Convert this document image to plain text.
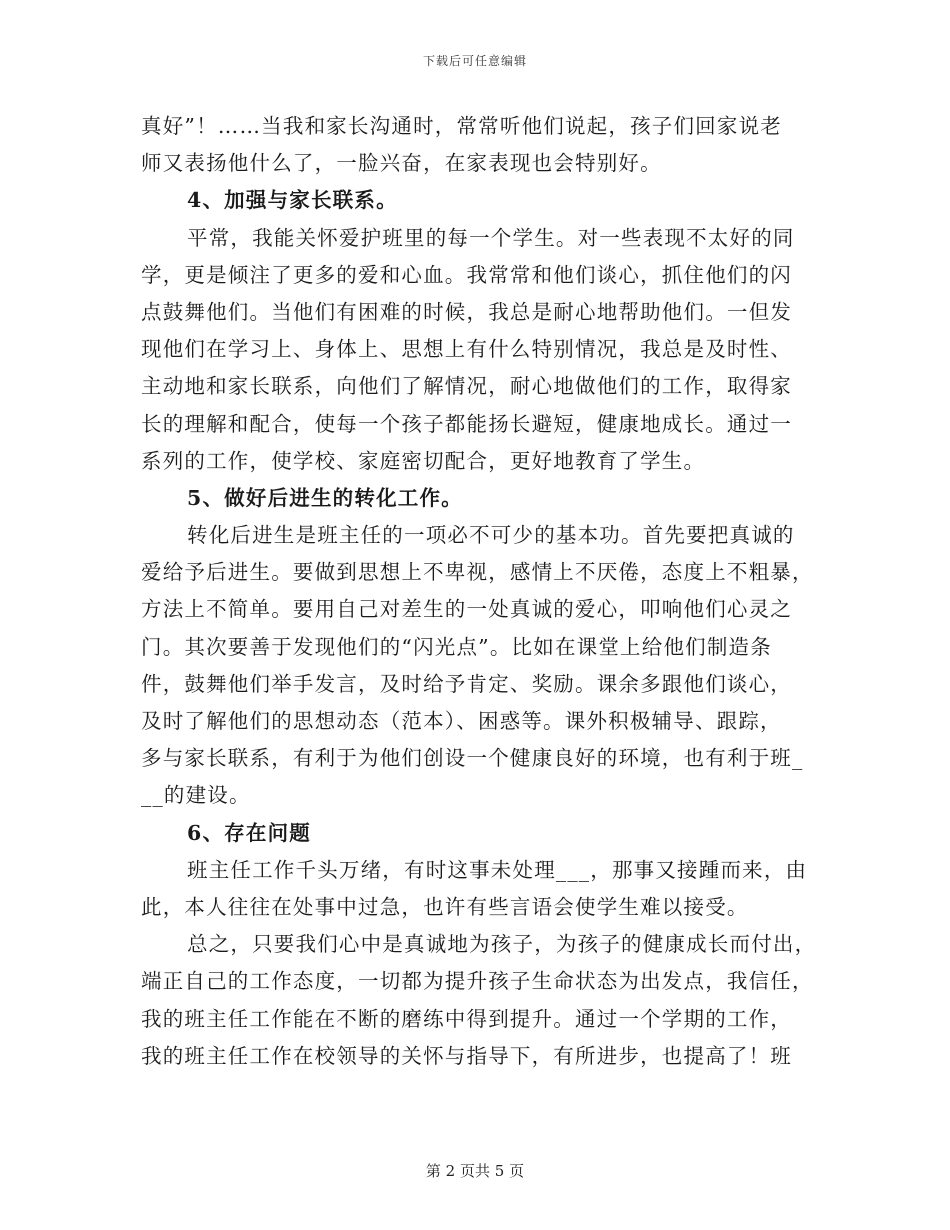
下载后可任意编辑
真好”！……当我和家长沟通时，常常听他们说起，孩子们回家说老
师又表扬他什么了，一脸兴奋，在家表现也会特别好。
4、加强与家长联系。
平常，我能关怀爱护班里的每一个学生。对一些表现不太好的同
学，更是倾注了更多的爱和心血。我常常和他们谈心，抓住他们的闪
点鼓舞他们。当他们有困难的时候，我总是耐心地帮助他们。一但发
现他们在学习上、身体上、思想上有什么特别情况，我总是及时性、
主动地和家长联系，向他们了解情况，耐心地做他们的工作，取得家
长的理解和配合，使每一个孩子都能扬长避短，健康地成长。通过一
系列的工作，使学校、家庭密切配合，更好地教育了学生。
5、做好后进生的转化工作。
转化后进生是班主任的一项必不可少的基本功。首先要把真诚的
爱给予后进生。要做到思想上不卑视，感情上不厌倦，态度上不粗暴，
方法上不简单。要用自己对差生的一处真诚的爱心，叩响他们心灵之
门。其次要善于发现他们的“闪光点”。比如在课堂上给他们制造条
件，鼓舞他们举手发言，及时给予肯定、奖励。课余多跟他们谈心，
及时了解他们的思想动态（范本）、困惑等。课外积极辅导、跟踪，
多与家长联系，有利于为他们创设一个健康良好的环境，也有利于班_
__的建设。
6、存在问题
班主任工作千头万绪，有时这事未处理___，那事又接踵而来，由
此，本人往往在处事中过急，也许有些言语会使学生难以接受。
总之，只要我们心中是真诚地为孩子，为孩子的健康成长而付出，
端正自己的工作态度，一切都为提升孩子生命状态为出发点，我信任，
我的班主任工作能在不断的磨练中得到提升。通过一个学期的工作，
我的班主任工作在校领导的关怀与指导下，有所进步，也提高了！班
第 2 页共 5 页
